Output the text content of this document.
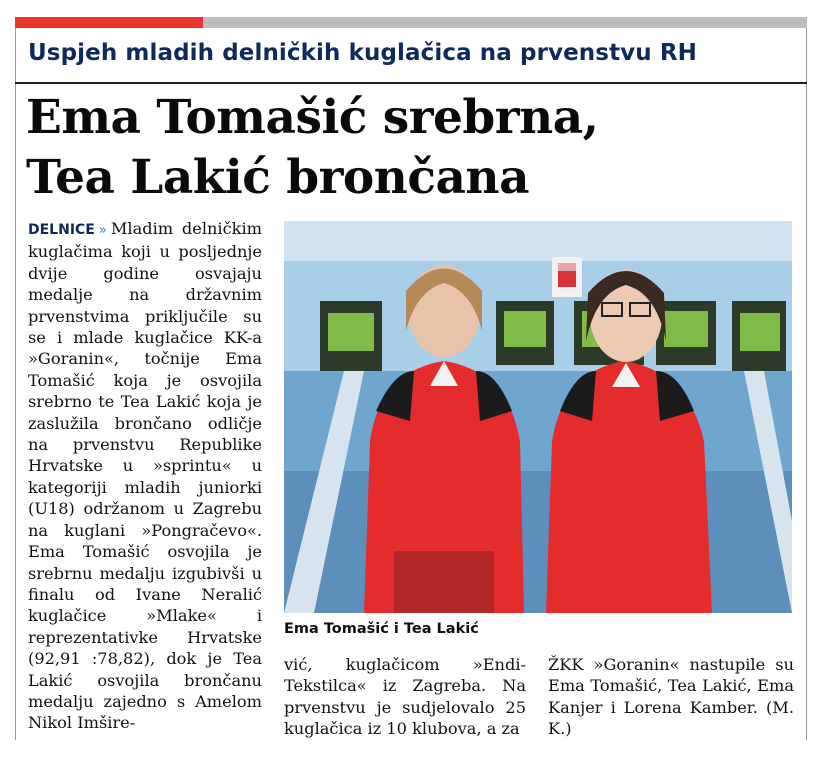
Uspjeh mladih delničkih kuglačica na prvenstvu RH
Ema Tomašić srebrna,
Tea Lakić brončana
DELNICE » Mladim delničkim kuglačima koji u posljednje dvije godine osvajaju medalje na državnim prvenstvima priključile su se i mlade kuglačice KK-a »Goranin«, točnije Ema Tomašić koja je osvojila srebrno te Tea Lakić koja je zaslužila brončano odličje na prvenstvu Republike Hrvatske u »sprintu« u kategoriji mladih juniorki (U18) održanom u Zagrebu na kuglani »Pongračevo«. Ema Tomašić osvojila je srebrnu medalju izgubivši u finalu od Ivane Neralić kuglačice »Mlake« i reprezentativke Hrvatske (92,91 :78,82), dok je Tea Lakić osvojila brončanu medalju zajedno s Amelom Nikol Imšire-
Ema Tomašić i Tea Lakić
vić, kuglačicom »Endi-Tekstilca« iz Zagreba. Na prvenstvu je sudjelovalo 25 kuglačica iz 10 klubova, a za
ŽKK »Goranin« nastupile su Ema Tomašić, Tea Lakić, Ema Kanjer i Lorena Kamber. (M. K.)
